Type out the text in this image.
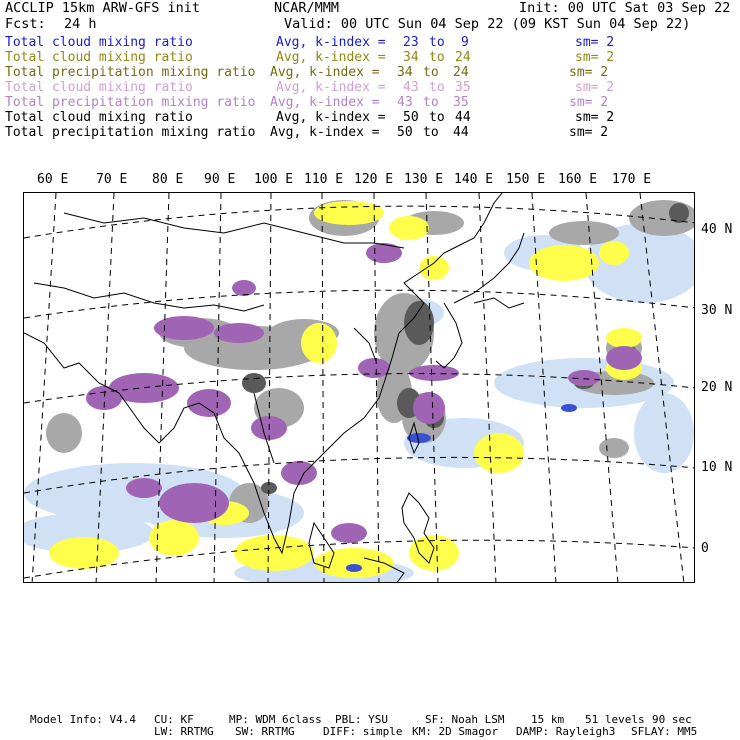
ACCLIP 15km ARW-GFS init	NCAR/MMM	Init: 00 UTC Sat 03 Sep 22
Fcst: 24 h	Valid: 00 UTC Sun 04 Sep 22 (09 KST Sun 04 Sep 22)
Total cloud mixing ratio	Avg, k-index = 23 to 9	sm= 2
Total cloud mixing ratio	Avg, k-index = 34 to 24	sm= 2
Total precipitation mixing ratio Avg, k-index = 34 to 24	sm= 2
Total cloud mixing ratio	Avg, k-index = 43 to 35	sm= 2
Total precipitation mixing ratio Avg, k-index = 43 to 35	sm= 2
Total cloud mixing ratio	Avg, k-index = 50 to 44	sm= 2
Total precipitation mixing ratio Avg, k-index = 50 to 44	sm= 2
60 E 70 E 80 E 90 E 100 E 110 E 120 E 130 E 140 E 150 E 160 E 170 E
40 N
30 N
20 N
10 N
0
Model Info: V4.4 CU: KF	MP: WDM 6class PBL: YSU	SF: Noah LSM 15 km 51 levels 90 sec
LW: RRTMG SW: RRTMG	DIFF: simple KM: 2D Smagor DAMP: Rayleigh3 SFLAY: MM5
